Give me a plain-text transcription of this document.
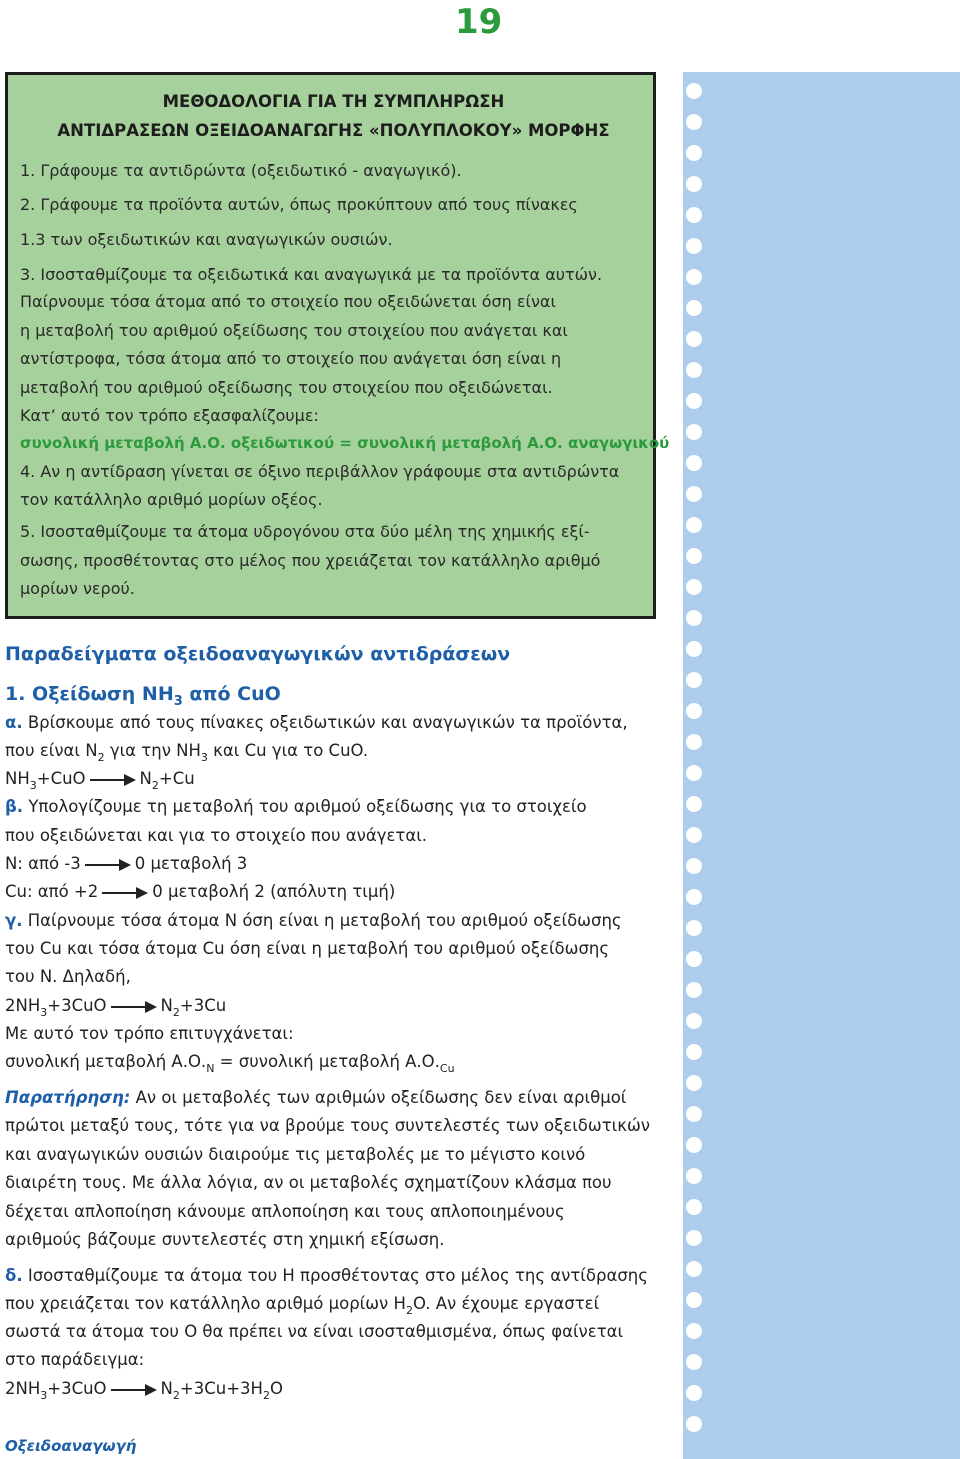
19
ΜΕΘΟΔΟΛΟΓΙΑ ΓΙΑ ΤΗ ΣΥΜΠΛΗΡΩΣΗ
ΑΝΤΙΔΡΑΣΕΩΝ ΟΞΕΙΔΟΑΝΑΓΩΓΗΣ «ΠΟΛΥΠΛΟΚΟΥ» ΜΟΡΦΗΣ
1. Γράφουμε τα αντιδρώντα (οξειδωτικό - αναγωγικό).
2. Γράφουμε τα προϊόντα αυτών, όπως προκύπτουν από τους πίνακες
1.3 των οξειδωτικών και αναγωγικών ουσιών.
3. Ισοσταθμίζουμε τα οξειδωτικά και αναγωγικά με τα προϊόντα αυτών.
Παίρνουμε τόσα άτομα από το στοιχείο που οξειδώνεται όση είναι
η μεταβολή του αριθμού οξείδωσης του στοιχείου που ανάγεται και
αντίστροφα, τόσα άτομα από το στοιχείο που ανάγεται όση είναι η
μεταβολή του αριθμού οξείδωσης του στοιχείου που οξειδώνεται.
Κατ’ αυτό τον τρόπο εξασφαλίζουμε:
συνολική μεταβολή Α.Ο. οξειδωτικού = συνολική μεταβολή Α.Ο. αναγωγικού
4. Αν η αντίδραση γίνεται σε όξινο περιβάλλον γράφουμε στα αντιδρώντα
τον κατάλληλο αριθμό μορίων οξέος.
5. Ισοσταθμίζουμε τα άτομα υδρογόνου στα δύο μέλη της χημικής εξί-
σωσης, προσθέτοντας στο μέλος που χρειάζεται τον κατάλληλο αριθμό
μορίων νερού.
Παραδείγματα οξειδοαναγωγικών αντιδράσεων
1. Οξείδωση $NH_3$ από CuO
α. Βρίσκουμε από τους πίνακες οξειδωτικών και αναγωγικών τα προϊόντα,
που είναι $N_2$ για την $NH_3$ και Cu για το CuO.
$NH_3+CuO$	$N_2+Cu$
β. Υπολογίζουμε τη μεταβολή του αριθμού οξείδωσης για το στοιχείο
που οξειδώνεται και για το στοιχείο που ανάγεται.
N: από -3	0 μεταβολή 3
Cu: από +2	0 μεταβολή 2 (απόλυτη τιμή)
γ. Παίρνουμε τόσα άτομα N όση είναι η μεταβολή του αριθμού οξείδωσης
του Cu και τόσα άτομα Cu όση είναι η μεταβολή του αριθμού οξείδωσης
του N. Δηλαδή,
$2NH_3+3CuO$	$N_2+3Cu$
Με αυτό τον τρόπο επιτυγχάνεται:
συνολική μεταβολή $A.O._N = \sigma\upsilon\nu o\lambda\iota\kappa ή$ μεταβολή $A.O._{Cu}$
Παρατήρηση: Αν οι μεταβολές των αριθμών οξείδωσης δεν είναι αριθμοί
πρώτοι μεταξύ τους, τότε για να βρούμε τους συντελεστές των οξειδωτικών
και αναγωγικών ουσιών διαιρούμε τις μεταβολές με το μέγιστο κοινό
διαιρέτη τους. Με άλλα λόγια, αν οι μεταβολές σχηματίζουν κλάσμα που
δέχεται απλοποίηση κάνουμε απλοποίηση και τους απλοποιημένους
αριθμούς βάζουμε συντελεστές στη χημική εξίσωση.
δ. Ισοσταθμίζουμε τα άτομα του H προσθέτοντας στο μέλος της αντίδρασης
που χρειάζεται τον κατάλληλο αριθμό μορίων $H_2O$. Αν έχουμε εργαστεί
σωστά τα άτομα του O θα πρέπει να είναι ισοσταθμισμένα, όπως φαίνεται
στο παράδειγμα:
$2NH_3+3CuO$	$N_2+3Cu+3H_2O$
Οξειδοαναγωγή
